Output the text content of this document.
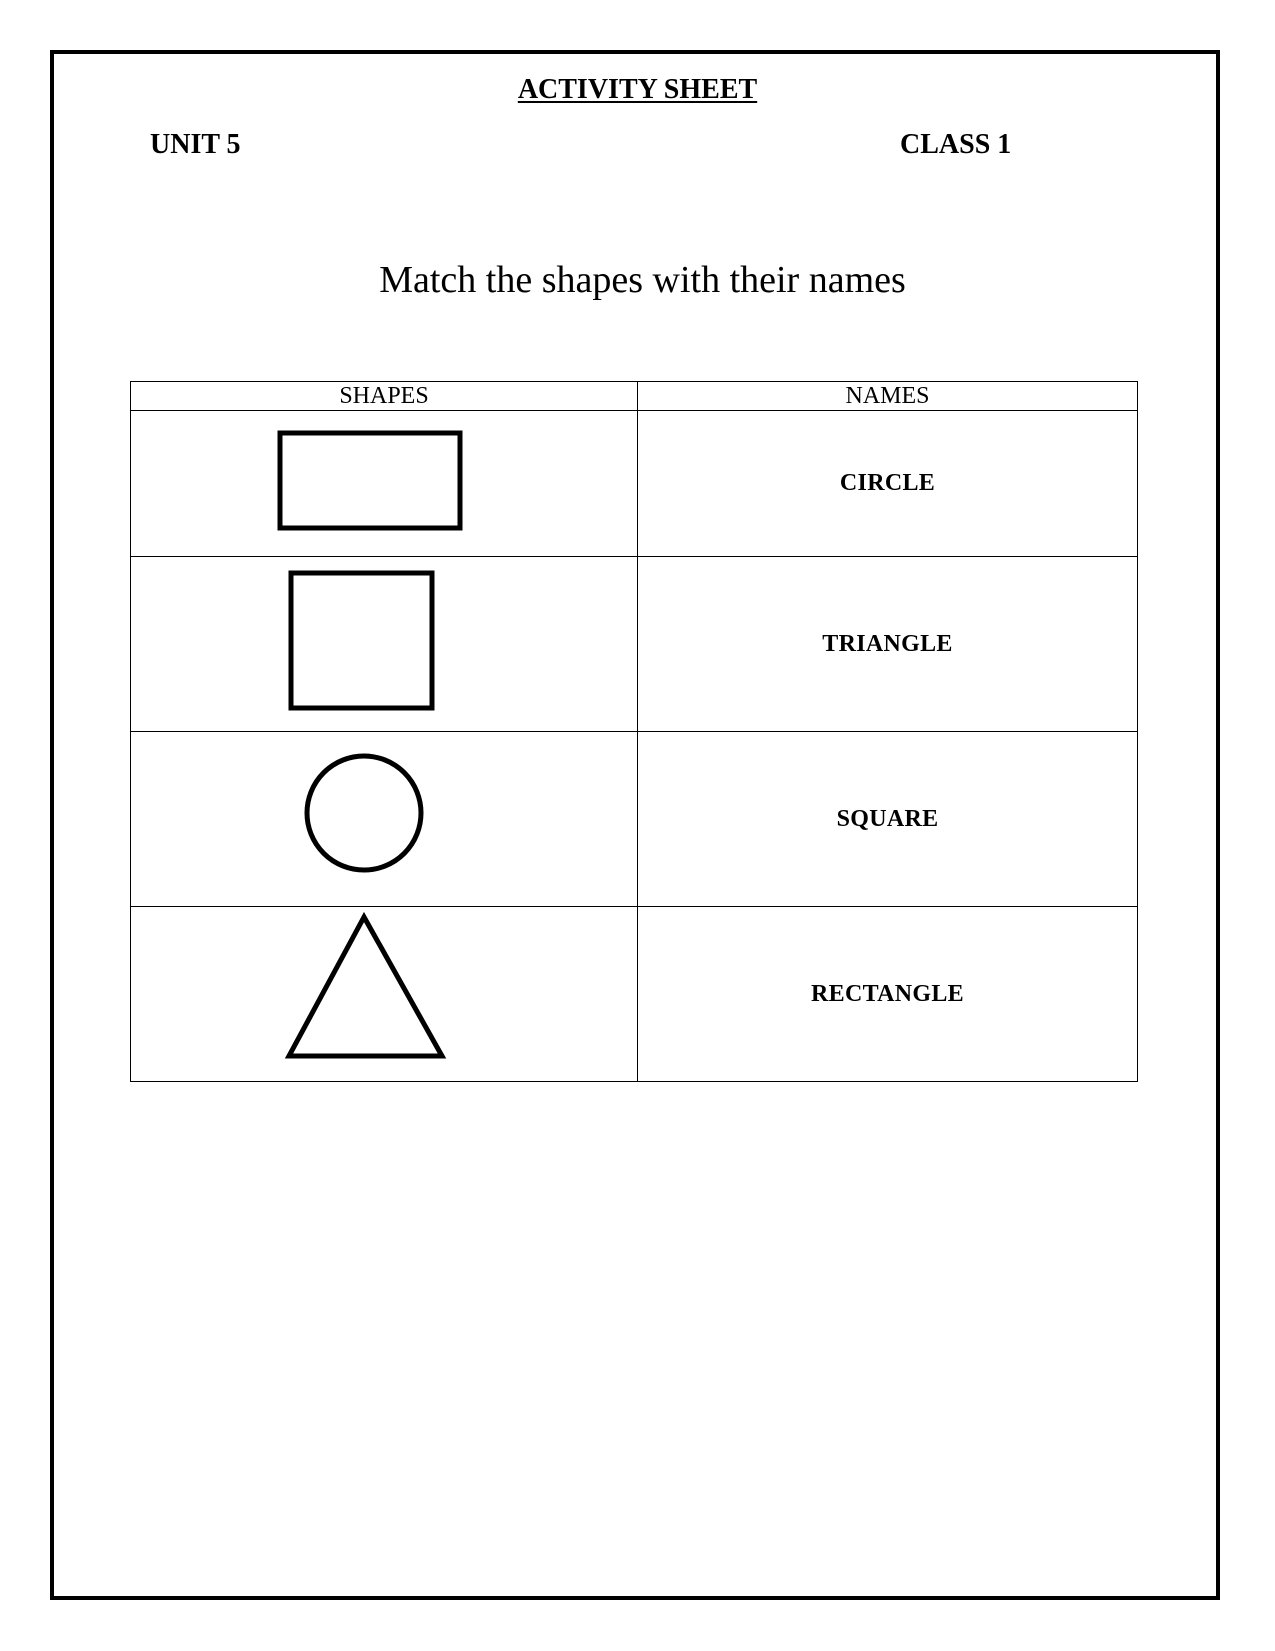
ACTIVITY SHEET
UNIT 5	CLASS 1
Match the shapes with their names
SHAPES	NAMES

	CIRCLE

	TRIANGLE

	SQUARE

	RECTANGLE
